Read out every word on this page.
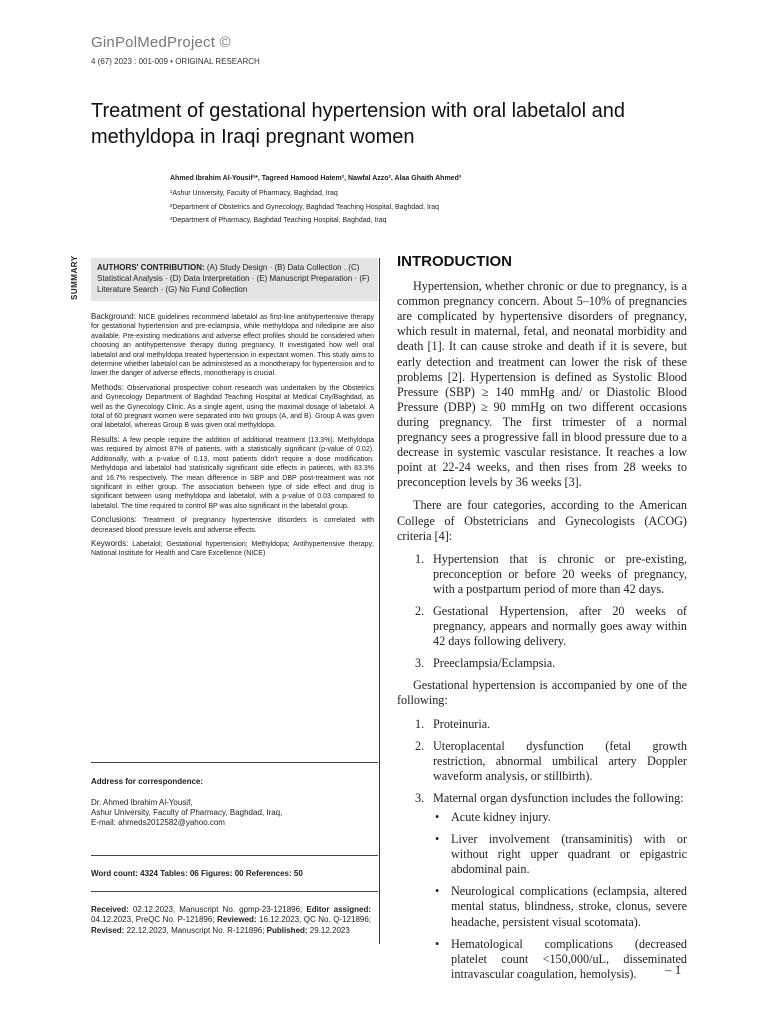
GinPolMedProject ©
4 (67) 2023 : 001-009 • ORIGINAL RESEARCH
Treatment of gestational hypertension with oral labetalol and methyldopa in Iraqi pregnant women
Ahmed Ibrahim Al-Yousif¹*, Tagreed Hamood Hatem², Nawfal Azzo², Alaa Ghaith Ahmed³
¹Ashur University, Faculty of Pharmacy, Baghdad, Iraq
²Department of Obstetrics and Gynecology, Baghdad Teaching Hospital, Baghdad, Iraq
³Department of Pharmacy, Baghdad Teaching Hospital, Baghdad, Iraq
SUMMARY	AUTHORS' CONTRIBUTION: (A) Study Design · (B) Data Collection . (C) Statistical Analysis · (D) Data Interpretation · (E) Manuscript Preparation · (F) Literature Search · (G) No Fund Collection

Background: NICE guidelines recommend labetalol as first-line antihypertensive therapy for gestational hypertension and pre-eclampsia, while methyldopa and nifedipine are also available. Pre-existing medications and adverse effect profiles should be considered when choosing an antihypertensive therapy during pregnancy. It investigated how well oral labetalol and oral methyldopa treated hypertension in expectant women. This study aims to determine whether labetalol can be administered as a monotherapy for hypertension and to lower the danger of adverse effects, monotherapy is crucial.

Methods: Observational prospective cohort research was undertaken by the Obstetrics and Gynecology Department of Baghdad Teaching Hospital at Medical City/Baghdad, as well as the Gynecology Clinic. As a single agent, using the maximal dosage of labetalol. A total of 60 pregnant women were separated into two groups (A, and B). Group A was given oral labetalol, whereas Group B was given oral methyldopa.

Results: A few people require the addition of additional treatment (13.3%). Methyldopa was required by almost 87% of patients, with a statistically significant (p-value of 0.02). Additionally, with a p-value of 0.13, most patients didn't require a dose modification. Methyldopa and labetalol had statistically significant side effects in patients, with 83.3% and 16.7% respectively. The mean difference in SBP and DBP post-treatment was not significant in either group. The association between type of side effect and drug is significant between using methyldopa and labetalol, with a p-value of 0.03 compared to labetalol. The time required to control BP was also significant in the labetalol group.

Conclusions: Treatment of pregnancy hypertensive disorders is correlated with decreased blood pressure levels and adverse effects.

Keywords: Labetalol; Gestational hypertension; Methyldopa; Antihypertensive therapy; National Institute for Health and Care Excellence (NICE)

Address for correspondence:
Dr. Ahmed Ibrahim Al-Yousif,
Ashur University, Faculty of Pharmacy, Baghdad, Iraq,
E-mail: ahmeds2012582@yahoo.com
Word count: 4324 Tables: 06 Figures: 00 References: 50
Received: 02.12.2023, Manuscript No. gpmp-23-121896; Editor assigned: 04.12.2023, PreQC No. P-121896; Reviewed: 16.12.2023, QC No. Q-121896; Revised: 22.12.2023, Manuscript No. R-121896; Published: 29.12.2023
INTRODUCTION

Hypertension, whether chronic or due to pregnancy, is a common pregnancy concern. About 5–10% of pregnancies are complicated by hypertensive disorders of pregnancy, which result in maternal, fetal, and neonatal morbidity and death [1]. It can cause stroke and death if it is severe, but early detection and treatment can lower the risk of these problems [2]. Hypertension is defined as Systolic Blood Pressure (SBP) ≥ 140 mmHg and/ or Diastolic Blood Pressure (DBP) ≥ 90 mmHg on two different occasions during pregnancy. The first trimester of a normal pregnancy sees a progressive fall in blood pressure due to a decrease in systemic vascular resistance. It reaches a low point at 22-24 weeks, and then rises from 28 weeks to preconception levels by 36 weeks [3].

There are four categories, according to the American College of Obstetricians and Gynecologists (ACOG) criteria [4]:

1. Hypertension that is chronic or pre-existing, preconception or before 20 weeks of pregnancy, with a postpartum period of more than 42 days.
2. Gestational Hypertension, after 20 weeks of pregnancy, appears and normally goes away within 42 days following delivery.
3. Preeclampsia/Eclampsia.

Gestational hypertension is accompanied by one of the following:

1. Proteinuria.
2. Uteroplacental dysfunction (fetal growth restriction, abnormal umbilical artery Doppler waveform analysis, or stillbirth).
3. Maternal organ dysfunction includes the following:
• Acute kidney injury.
• Liver involvement (transaminitis) with or without right upper quadrant or epigastric abdominal pain.
• Neurological complications (eclampsia, altered mental status, blindness, stroke, clonus, severe headache, persistent visual scotomata).
• Hematological complications (decreased platelet count <150,000/uL, disseminated intravascular coagulation, hemolysis).	– 1
